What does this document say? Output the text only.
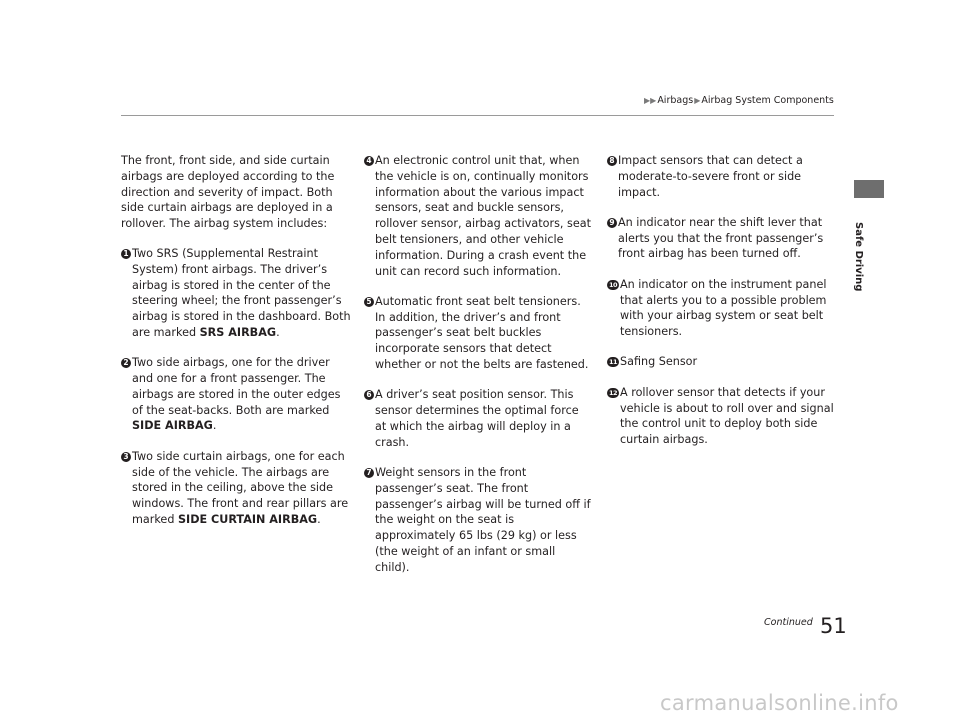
▶▶ Airbags ▶ Airbag System Components
Safe Driving

The front, front side, and side curtain airbags are deployed according to the direction and severity of impact. Both side curtain airbags are deployed in a rollover. The airbag system includes:

1 Two SRS (Supplemental Restraint System) front airbags. The driver’s airbag is stored in the center of the steering wheel; the front passenger’s airbag is stored in the dashboard. Both are marked SRS AIRBAG.
2 Two side airbags, one for the driver and one for a front passenger. The airbags are stored in the outer edges of the seat-backs. Both are marked SIDE AIRBAG.
3 Two side curtain airbags, one for each side of the vehicle. The airbags are stored in the ceiling, above the side windows. The front and rear pillars are marked SIDE CURTAIN AIRBAG.
4 An electronic control unit that, when the vehicle is on, continually monitors information about the various impact sensors, seat and buckle sensors, rollover sensor, airbag activators, seat belt tensioners, and other vehicle information. During a crash event the unit can record such information.
5 Automatic front seat belt tensioners. In addition, the driver’s and front passenger’s seat belt buckles incorporate sensors that detect whether or not the belts are fastened.
6 A driver’s seat position sensor. This sensor determines the optimal force at which the airbag will deploy in a crash.
7 Weight sensors in the front passenger’s seat. The front passenger’s airbag will be turned off if the weight on the seat is approximately 65 lbs (29 kg) or less (the weight of an infant or small child).
8 Impact sensors that can detect a moderate-to-severe front or side impact.
9 An indicator near the shift lever that alerts you that the front passenger’s front airbag has been turned off.
10 An indicator on the instrument panel that alerts you to a possible problem with your airbag system or seat belt tensioners.
11 Safing Sensor
12 A rollover sensor that detects if your vehicle is about to roll over and signal the control unit to deploy both side curtain airbags.
Continued 51
carmanualsonline.info
